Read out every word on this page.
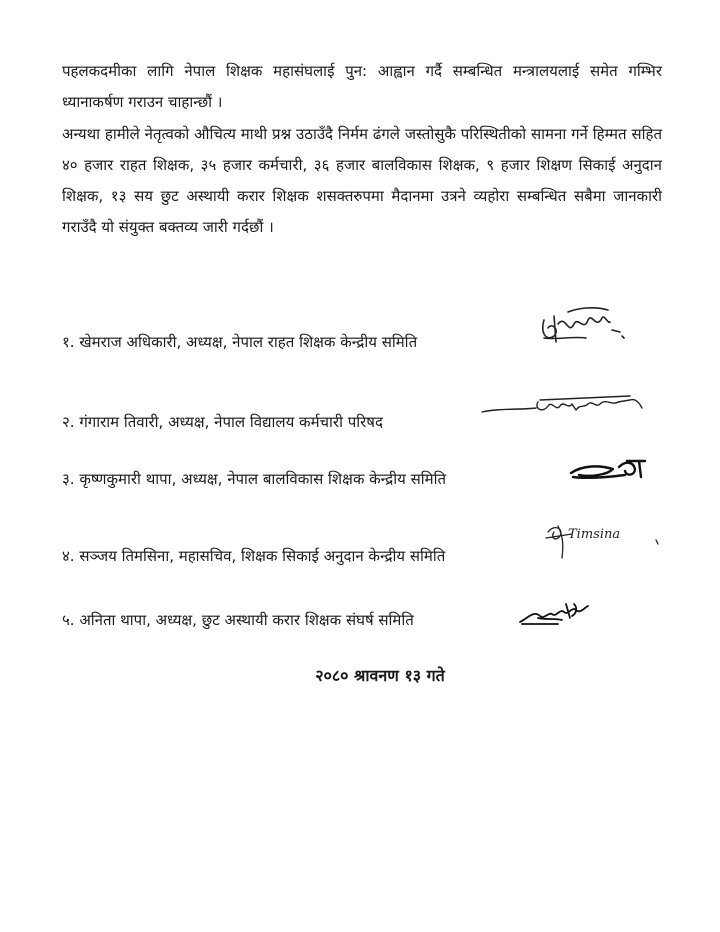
पहलकदमीका लागि नेपाल शिक्षक महासंघलाई पुन: आह्वान गर्दै सम्बन्धित मन्त्रालयलाई समेत गम्भिर ध्यानाकर्षण गराउन चाहान्छौं ।

अन्यथा हामीले नेतृत्वको औचित्य माथी प्रश्न उठाउँदै निर्मम ढंगले जस्तोसुकै परिस्थितीको सामना गर्ने हिम्मत सहित ४० हजार राहत शिक्षक, ३५ हजार कर्मचारी, ३६ हजार बालविकास शिक्षक, ९ हजार शिक्षण सिकाई अनुदान शिक्षक, १३ सय छुट अस्थायी करार शिक्षक शसक्तरुपमा मैदानमा उत्रने व्यहोरा सम्बन्धित सबैमा जानकारी गराउँदै यो संयुक्त बक्तव्य जारी गर्दछौं ।

१. खेमराज अधिकारी, अध्यक्ष, नेपाल राहत शिक्षक केन्द्रीय समिति
२. गंगाराम तिवारी, अध्यक्ष, नेपाल विद्यालय कर्मचारी परिषद
३. कृष्णकुमारी थापा, अध्यक्ष, नेपाल बालविकास शिक्षक केन्द्रीय समिति
४. सञ्जय तिमसिना, महासचिव, शिक्षक सिकाई अनुदान केन्द्रीय समिति
Timsina
५. अनिता थापा, अध्यक्ष, छुट अस्थायी करार शिक्षक संघर्ष समिति
२०८० श्रावनण १३ गते
